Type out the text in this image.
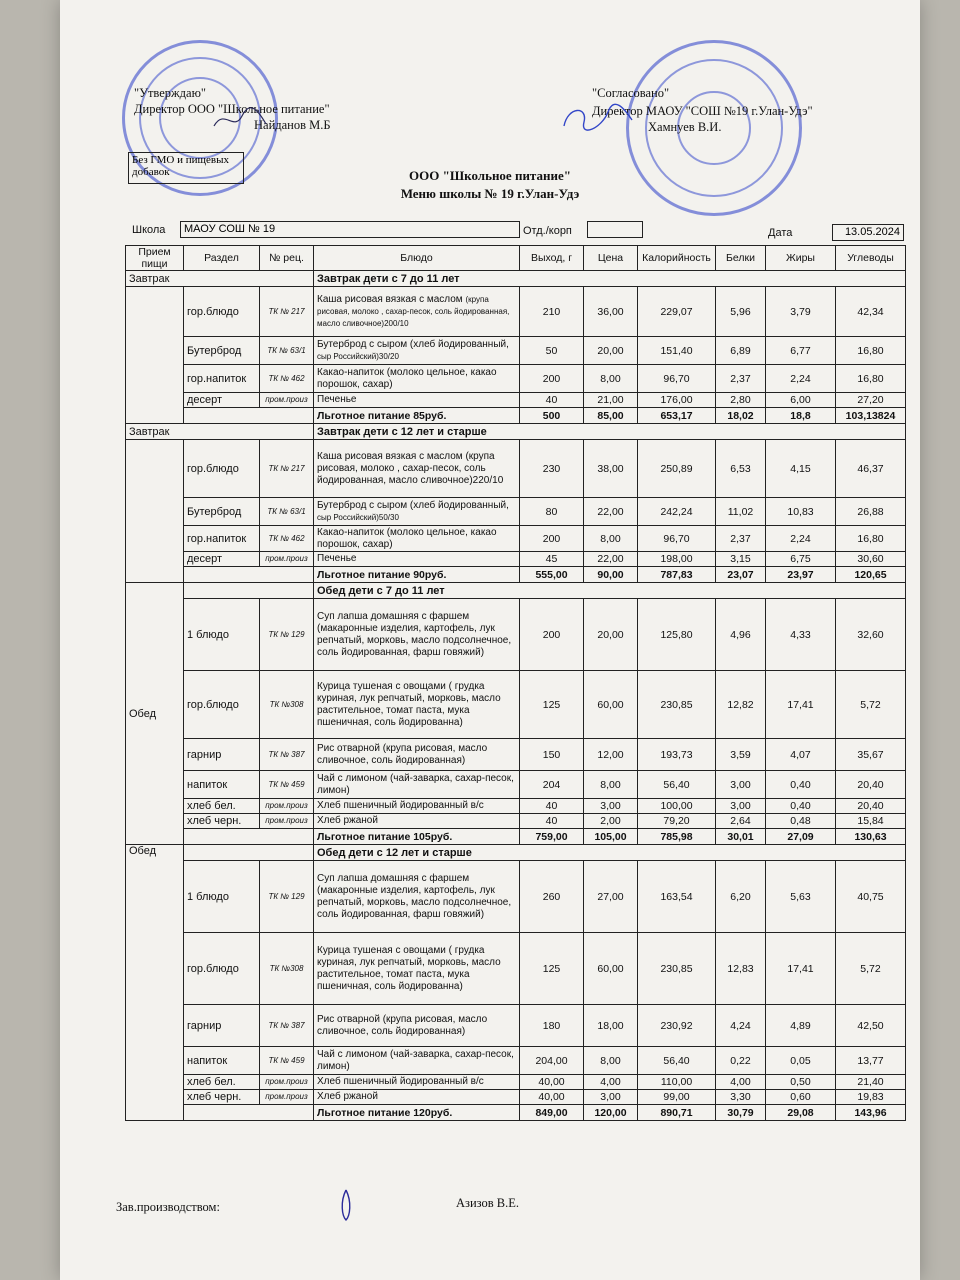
"Утверждаю"
Директор ООО "Школьное питание"
Найданов М.Б
Без ГМО и пищевых
добавок
"Согласовано"
Директор МАОУ "СОШ №19 г.Улан-Удэ"
Хамнуев В.И.
ООО "Школьное питание"
Меню школы № 19 г.Улан-Удэ
Школа	МАОУ СОШ № 19	Отд./корп	Дата	13.05.2024
Прием пищи	Раздел	№ рец.	Блюдо	Выход, г	Цена	Калорийность	Белки	Жиры	Углеводы
Завтрак			Завтрак дети с 7 до 11 лет						
	гор.блюдо	ТК № 217	Каша рисовая вязкая с маслом (крупа рисовая, молоко , сахар-песок, соль йодированная, масло сливочное)200/10	210	36,00	229,07	5,96	3,79	42,34
	Бутерброд	ТК № 63/1	Бутерброд с сыром (хлеб йодированный, сыр Российский)30/20	50	20,00	151,40	6,89	6,77	16,80
	гор.напиток	ТК № 462	Какао-напиток (молоко цельное, какао порошок, сахар)	200	8,00	96,70	2,37	2,24	16,80
	десерт	пром.произ	Печенье	40	21,00	176,00	2,80	6,00	27,20
			Льготное питание 85руб.	500	85,00	653,17	18,02	18,8	103,13824
Завтрак			Завтрак дети с 12 лет и старше						
	гор.блюдо	ТК № 217	Каша рисовая вязкая с маслом (крупа рисовая, молоко , сахар-песок, соль йодированная, масло сливочное)220/10	230	38,00	250,89	6,53	4,15	46,37
	Бутерброд	ТК № 63/1	Бутерброд с сыром (хлеб йодированный, сыр Российский)50/30	80	22,00	242,24	11,02	10,83	26,88
	гор.напиток	ТК № 462	Какао-напиток (молоко цельное, какао порошок, сахар)	200	8,00	96,70	2,37	2,24	16,80
	десерт	пром.произ	Печенье	45	22,00	198,00	3,15	6,75	30,60
			Льготное питание 90руб.	555,00	90,00	787,83	23,07	23,97	120,65
Обед			Обед дети с 7 до 11 лет						
	1 блюдо	ТК № 129	Суп лапша домашняя с фаршем (макаронные изделия, картофель, лук репчатый, морковь, масло подсолнечное, соль йодированная, фарш говяжий)	200	20,00	125,80	4,96	4,33	32,60
	гор.блюдо	ТК №308	Курица тушеная с овощами ( грудка куриная, лук репчатый, морковь, масло растительное, томат паста, мука пшеничная, соль йодированна)	125	60,00	230,85	12,82	17,41	5,72
	гарнир	ТК № 387	Рис отварной (крупа рисовая, масло сливочное, соль йодированная)	150	12,00	193,73	3,59	4,07	35,67
	напиток	ТК № 459	Чай с лимоном (чай-заварка, сахар-песок, лимон)	204	8,00	56,40	3,00	0,40	20,40
	хлеб бел.	пром.произ	Хлеб пшеничный йодированный в/с	40	3,00	100,00	3,00	0,40	20,40
	хлеб черн.	пром.произ	Хлеб ржаной	40	2,00	79,20	2,64	0,48	15,84
			Льготное питание 105руб.	759,00	105,00	785,98	30,01	27,09	130,63
Обед			Обед дети с 12 лет и старше						
	1 блюдо	ТК № 129	Суп лапша домашняя с фаршем (макаронные изделия, картофель, лук репчатый, морковь, масло подсолнечное, соль йодированная, фарш говяжий)	260	27,00	163,54	6,20	5,63	40,75
	гор.блюдо	ТК №308	Курица тушеная с овощами ( грудка куриная, лук репчатый, морковь, масло растительное, томат паста, мука пшеничная, соль йодированна)	125	60,00	230,85	12,83	17,41	5,72
	гарнир	ТК № 387	Рис отварной (крупа рисовая, масло сливочное, соль йодированная)	180	18,00	230,92	4,24	4,89	42,50
	напиток	ТК № 459	Чай с лимоном (чай-заварка, сахар-песок, лимон)	204,00	8,00	56,40	0,22	0,05	13,77
	хлеб бел.	пром.произ	Хлеб пшеничный йодированный в/с	40,00	4,00	110,00	4,00	0,50	21,40
	хлеб черн.	пром.произ	Хлеб ржаной	40,00	3,00	99,00	3,30	0,60	19,83
			Льготное питание 120руб.	849,00	120,00	890,71	30,79	29,08	143,96
Зав.производством:	Азизов В.Е.
